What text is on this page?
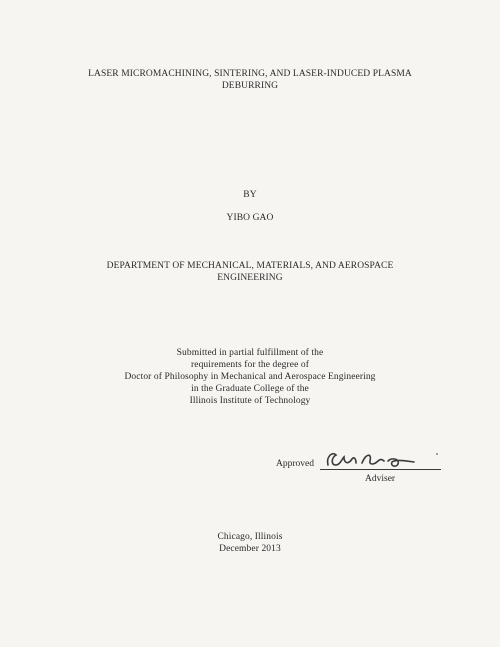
LASER MICROMACHINING, SINTERING, AND LASER-INDUCED PLASMA
DEBURRING
BY
YIBO GAO
DEPARTMENT OF MECHANICAL, MATERIALS, AND AEROSPACE
ENGINEERING
Submitted in partial fulfillment of the
requirements for the degree of
Doctor of Philosophy in Mechanical and Aerospace Engineering
in the Graduate College of the
Illinois Institute of Technology
Approved
Adviser
Chicago, Illinois
December 2013
